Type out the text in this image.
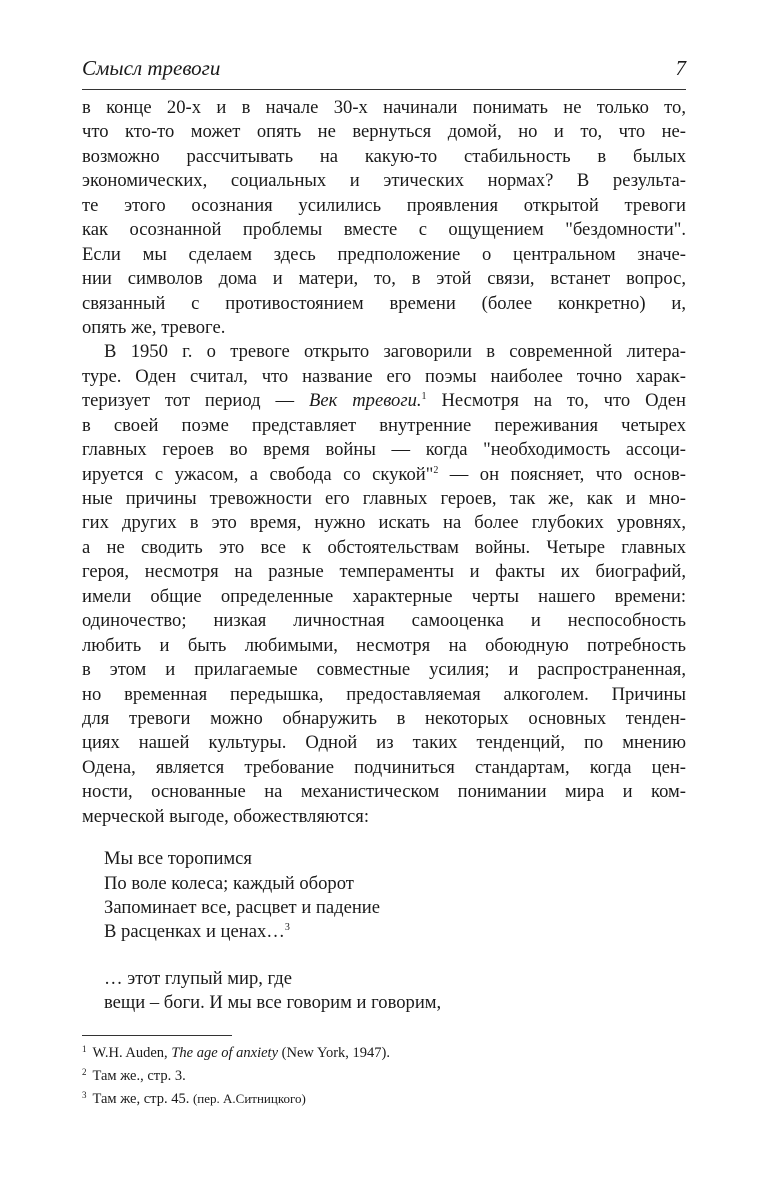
Смысл тревоги	7
в конце 20-х и в начале 30-х начинали понимать не только то,
что кто-то может опять не вернуться домой, но и то, что не-
возможно рассчитывать на какую-то стабильность в былых
экономических, социальных и этических нормах? В результа-
те этого осознания усилились проявления открытой тревоги
как осознанной проблемы вместе с ощущением "бездомности".
Если мы сделаем здесь предположение о центральном значе-
нии символов дома и матери, то, в этой связи, встанет вопрос,
связанный с противостоянием времени (более конкретно) и,
опять же, тревоге.
В 1950 г. о тревоге открыто заговорили в современной литера-
туре. Оден считал, что название его поэмы наиболее точно харак-
теризует тот период — Век тревоги.$^1$ Несмотря на то, что Оден
в своей поэме представляет внутренние переживания четырех
главных героев во время войны — когда "необходимость ассоци-
ируется с ужасом, а свобода со скукой"$^2$ — он поясняет, что основ-
ные причины тревожности его главных героев, так же, как и мно-
гих других в это время, нужно искать на более глубоких уровнях,
а не сводить это все к обстоятельствам войны. Четыре главных
героя, несмотря на разные темпераменты и факты их биографий,
имели общие определенные характерные черты нашего времени:
одиночество; низкая личностная самооценка и неспособность
любить и быть любимыми, несмотря на обоюдную потребность
в этом и прилагаемые совместные усилия; и распространенная,
но временная передышка, предоставляемая алкоголем. Причины
для тревоги можно обнаружить в некоторых основных тенден-
циях нашей культуры. Одной из таких тенденций, по мнению
Одена, является требование подчиниться стандартам, когда цен-
ности, основанные на механистическом понимании мира и ком-
мерческой выгоде, обожествляются:
Мы все торопимся
По воле колеса; каждый оборот
Запоминает все, расцвет и падение
В расценках и ценах…$^3$
… этот глупый мир, где
вещи – боги. И мы все говорим и говорим,
$^1$ W.H. Auden, The age of anxiety (New York, 1947).
$^2$ Там же., стр. 3.
$^3$ Там же, стр. 45. (пер. А.Ситницкого)
